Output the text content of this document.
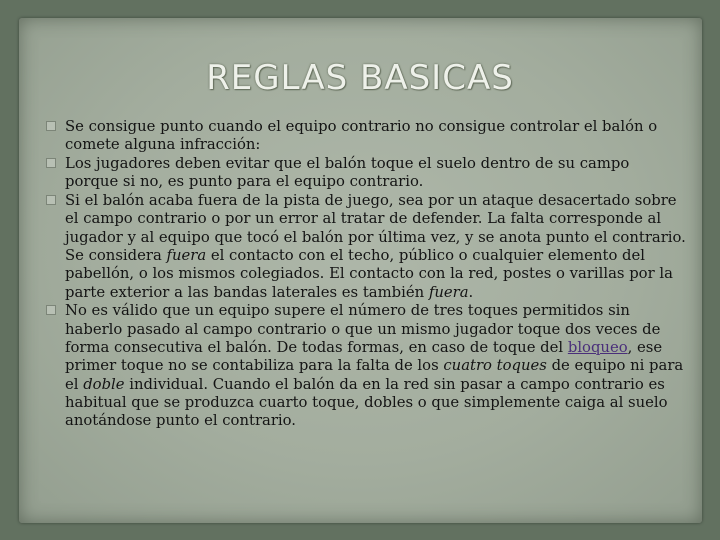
REGLAS BASICAS
Se consigue punto cuando el equipo contrario no consigue controlar el balón o comete alguna infracción:
Los jugadores deben evitar que el balón toque el suelo dentro de su campo porque si no, es punto para el equipo contrario.
Si el balón acaba fuera de la pista de juego, sea por un ataque desacertado sobre el campo contrario o por un error al tratar de defender. La falta corresponde al jugador y al equipo que tocó el balón por última vez, y se anota punto el contrario. Se considera fuera el contacto con el techo, público o cualquier elemento del pabellón, o los mismos colegiados. El contacto con la red, postes o varillas por la parte exterior a las bandas laterales es también fuera.
No es válido que un equipo supere el número de tres toques permitidos sin haberlo pasado al campo contrario o que un mismo jugador toque dos veces de forma consecutiva el balón. De todas formas, en caso de toque del bloqueo, ese primer toque no se contabiliza para la falta de los cuatro toques de equipo ni para el doble individual. Cuando el balón da en la red sin pasar a campo contrario es habitual que se produzca cuarto toque, dobles o que simplemente caiga al suelo anotándose punto el contrario.
